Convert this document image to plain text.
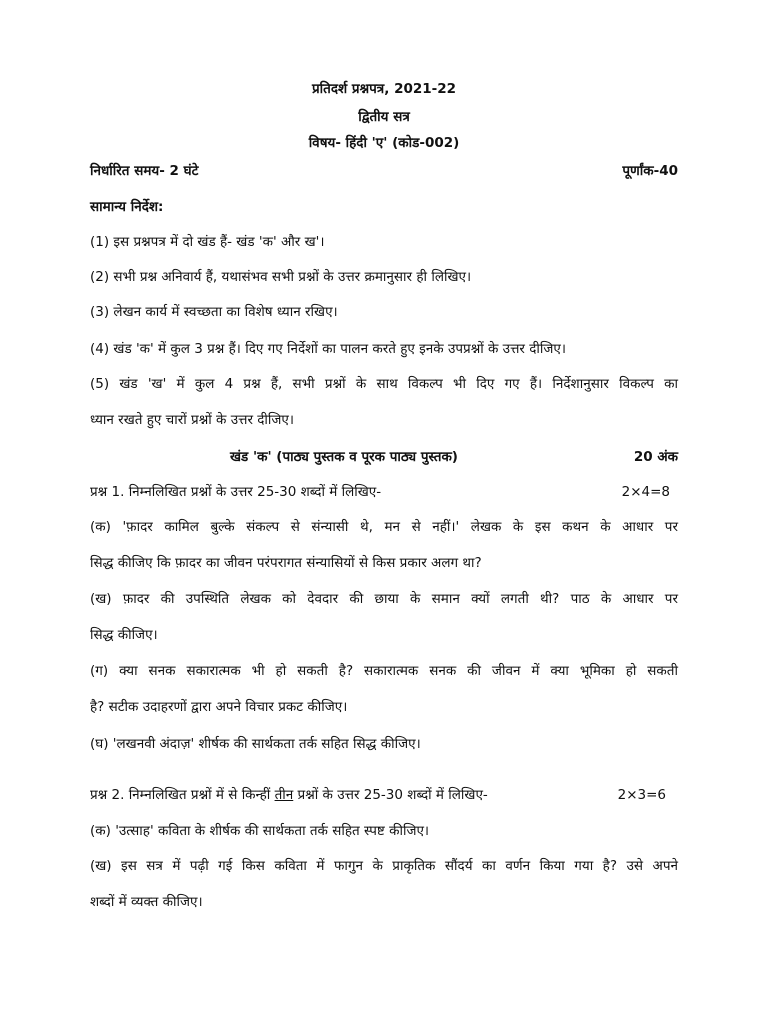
प्रतिदर्श प्रश्नपत्र, 2021-22
द्वितीय सत्र
विषय- हिंदी 'ए' (कोड-002)
निर्धारित समय- 2 घंटे	पूर्णांक-40
सामान्य निर्देश:
(1) इस प्रश्नपत्र में दो खंड हैं- खंड 'क' और ख'।
(2) सभी प्रश्न अनिवार्य हैं, यथासंभव सभी प्रश्नों के उत्तर क्रमानुसार ही लिखिए।
(3) लेखन कार्य में स्वच्छता का विशेष ध्यान रखिए।
(4) खंड 'क' में कुल 3 प्रश्न हैं। दिए गए निर्देशों का पालन करते हुए इनके उपप्रश्नों के उत्तर दीजिए।
(5) खंड 'ख' में कुल 4 प्रश्न हैं, सभी प्रश्नों के साथ विकल्प भी दिए गए हैं। निर्देशानुसार विकल्प का
ध्यान रखते हुए चारों प्रश्नों के उत्तर दीजिए।
खंड 'क' (पाठ्य पुस्तक व पूरक पाठ्य पुस्तक)	20 अंक
प्रश्न 1. निम्नलिखित प्रश्नों के उत्तर 25-30 शब्दों में लिखिए-	2×4=8
(क) 'फ़ादर कामिल बुल्के संकल्प से संन्यासी थे, मन से नहीं।' लेखक के इस कथन के आधार पर
सिद्ध कीजिए कि फ़ादर का जीवन परंपरागत संन्यासियों से किस प्रकार अलग था?
(ख) फ़ादर की उपस्थिति लेखक को देवदार की छाया के समान क्यों लगती थी? पाठ के आधार पर
सिद्ध कीजिए।
(ग) क्या सनक सकारात्मक भी हो सकती है? सकारात्मक सनक की जीवन में क्या भूमिका हो सकती
है? सटीक उदाहरणों द्वारा अपने विचार प्रकट कीजिए।
(घ) 'लखनवी अंदाज़' शीर्षक की सार्थकता तर्क सहित सिद्ध कीजिए।
प्रश्न 2. निम्नलिखित प्रश्नों में से किन्हीं तीन प्रश्नों के उत्तर 25-30 शब्दों में लिखिए-	2×3=6
(क) 'उत्साह' कविता के शीर्षक की सार्थकता तर्क सहित स्पष्ट कीजिए।
(ख) इस सत्र में पढ़ी गई किस कविता में फागुन के प्राकृतिक सौंदर्य का वर्णन किया गया है? उसे अपने
शब्दों में व्यक्त कीजिए।
